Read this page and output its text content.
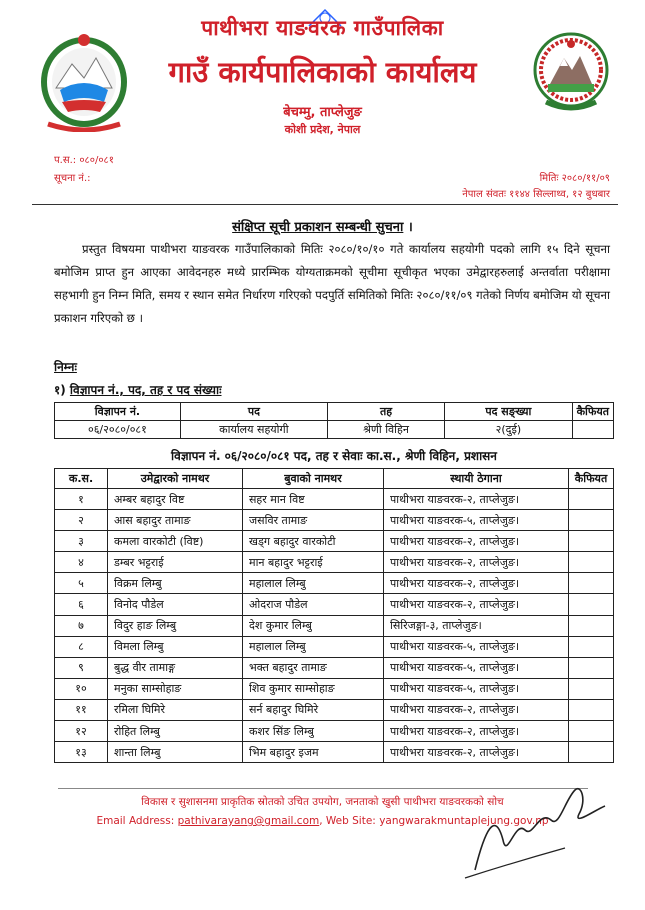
पाथीभरा याङवरक गाउँपालिका
गाउँ कार्यपालिकाको कार्यालय
बेचम्मु, ताप्लेजुङ
कोशी प्रदेश, नेपाल
प.स.: ०८०/०८१
सूचना नं.:	मितिः २०८०/११/०९
नेपाल संवतः ११४४ सिल्लाथ्व, १२ बुधबार
संक्षिप्त सूची प्रकाशन सम्बन्धी सुचना ।
प्रस्तुत विषयमा पाथीभरा याङवरक गाउँपालिकाको मितिः २०८०/१०/१० गते कार्यालय सहयोगी पदको लागि १५ दिने सूचना बमोजिम प्राप्त हुन आएका आवेदनहरु मध्ये प्रारम्भिक योग्यताक्रमको सूचीमा सूचीकृत भएका उमेद्वारहरुलाई अन्तर्वाता परीक्षामा सहभागी हुन निम्न मिति, समय र स्थान समेत निर्धारण गरिएको पदपुर्ति समितिको मितिः २०८०/११/०९ गतेको निर्णय बमोजिम यो सूचना प्रकाशन गरिएको छ ।
निम्नः
१) विज्ञापन नं., पद, तह र पद संख्याः
विज्ञापन नं.	पद	तह	पद सङ्ख्या	कैफियत
०६/२०८०/०८१	कार्यालय सहयोगी	श्रेणी विहिन	२(दुई)	
विज्ञापन नं. ०६/२०८०/०८१ पद, तह र सेवाः का.स., श्रेणी विहिन, प्रशासन
क.स.	उमेद्वारको नामथर	बुवाको नामथर	स्थायी ठेगाना	कैफियत
१	अम्बर बहादुर विष्ट	सहर मान विष्ट	पाथीभरा याङवरक-२, ताप्लेजुङ।	
२	आस बहादुर तामाङ	जसविर तामाङ	पाथीभरा याङवरक-५, ताप्लेजुङ।	
३	कमला वारकोटी (विष्ट)	खड्ग बहादुर वारकोटी	पाथीभरा याङवरक-२, ताप्लेजुङ।	
४	डम्बर भट्टराई	मान बहादुर भट्टराई	पाथीभरा याङवरक-२, ताप्लेजुङ।	
५	विक्रम लिम्बु	महालाल लिम्बु	पाथीभरा याङवरक-२, ताप्लेजुङ।	
६	विनोद पौडेल	ओदराज पौडेल	पाथीभरा याङवरक-२, ताप्लेजुङ।	
७	विदुर हाङ लिम्बु	देश कुमार लिम्बु	सिरिजङ्गा-३, ताप्लेजुङ।	
८	विमला लिम्बु	महालाल लिम्बु	पाथीभरा याङवरक-५, ताप्लेजुङ।	
९	बुद्ध वीर तामाङ्ग	भक्त बहादुर तामाङ	पाथीभरा याङवरक-५, ताप्लेजुङ।	
१०	मनुका साम्सोहाङ	शिव कुमार साम्सोहाङ	पाथीभरा याङवरक-५, ताप्लेजुङ।	
११	रमिला घिमिरे	सर्न बहादुर घिमिरे	पाथीभरा याङवरक-२, ताप्लेजुङ।	
१२	रोहित लिम्बु	कशर सिंङ लिम्बु	पाथीभरा याङवरक-२, ताप्लेजुङ।	
१३	शान्ता लिम्बु	भिम बहादुर इजम	पाथीभरा याङवरक-२, ताप्लेजुङ।	
विकास र सुशासनमा प्राकृतिक स्रोतको उचित उपयोग, जनताको खुसी पाथीभरा याङवरकको सोच
Email Address: pathivarayang@gmail.com, Web Site: yangwarakmuntaplejung.gov.np
